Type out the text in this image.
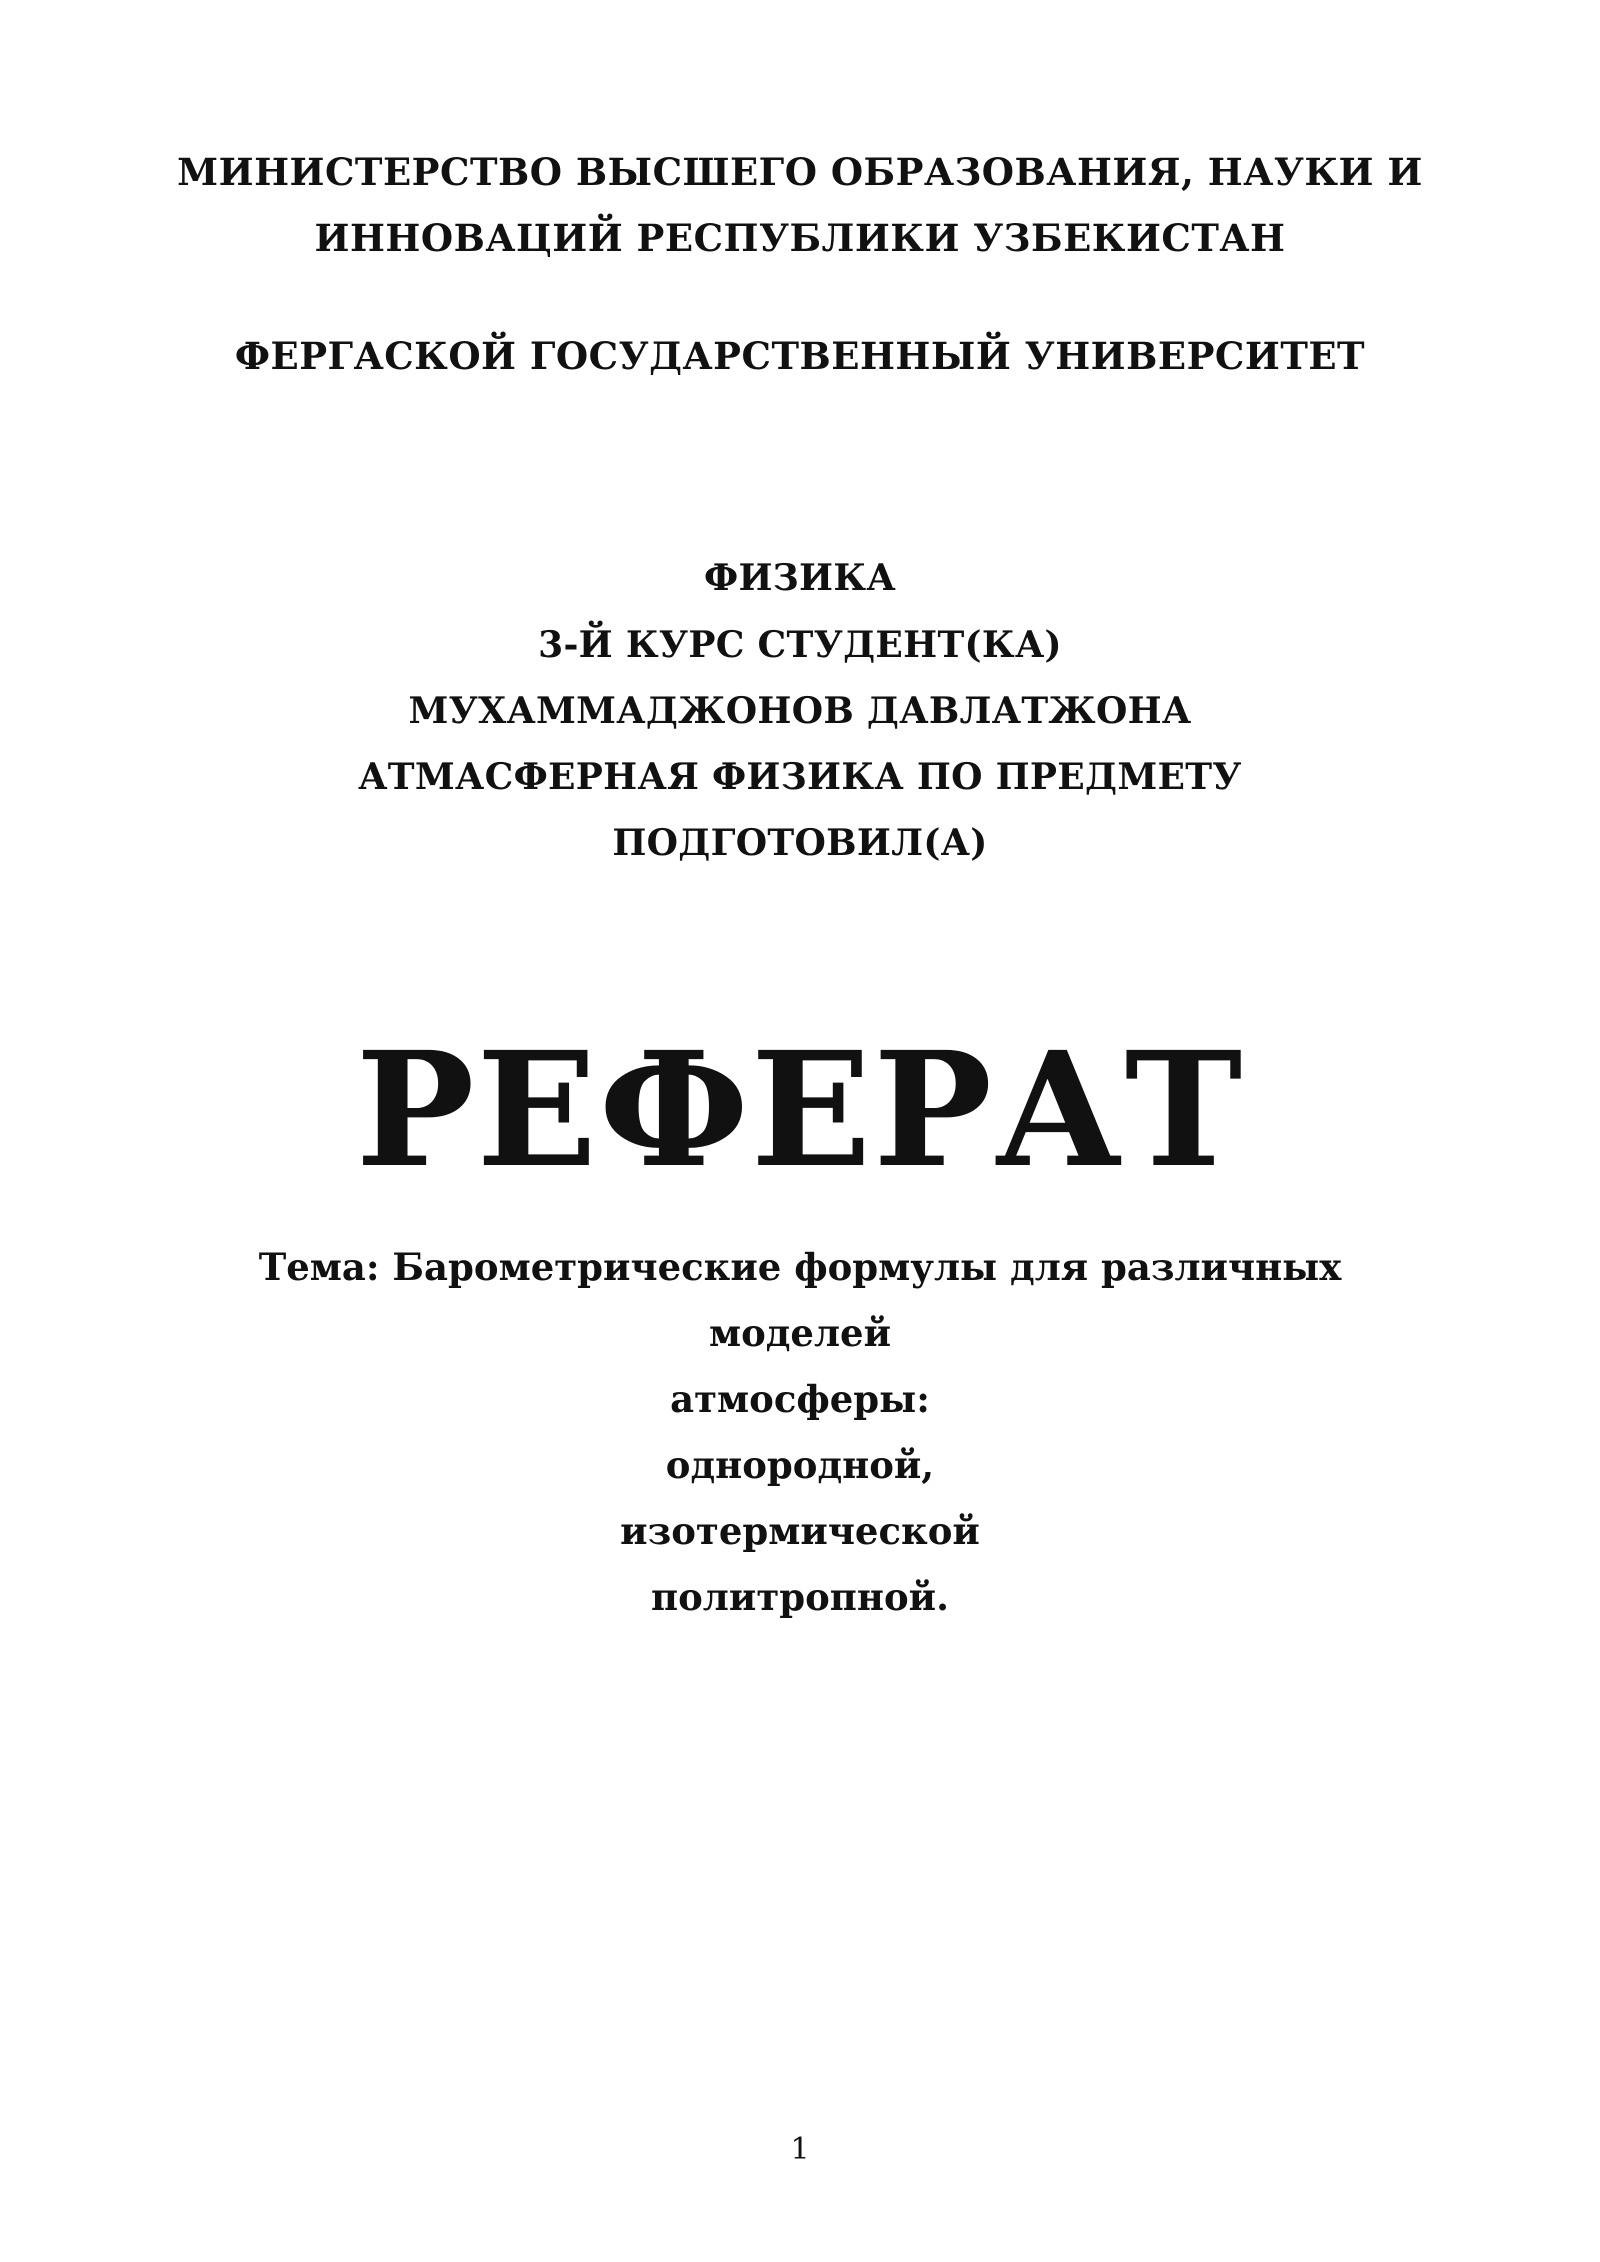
МИНИСТЕРСТВО ВЫСШЕГО ОБРАЗОВАНИЯ, НАУКИ И
ИННОВАЦИЙ РЕСПУБЛИКИ УЗБЕКИСТАН
ФЕРГАСКОЙ ГОСУДАРСТВЕННЫЙ УНИВЕРСИТЕТ
ФИЗИКА
3-Й КУРС СТУДЕНТ(КА)
МУХАММАДЖОНОВ ДАВЛАТЖОНА
АТМАСФЕРНАЯ ФИЗИКА ПО ПРЕДМЕТУ
ПОДГОТОВИЛ(А)
РЕФЕРАТ
Тема: Барометрические формулы для различных
моделей
атмосферы:
однородной,
изотермической
политропной.
1
